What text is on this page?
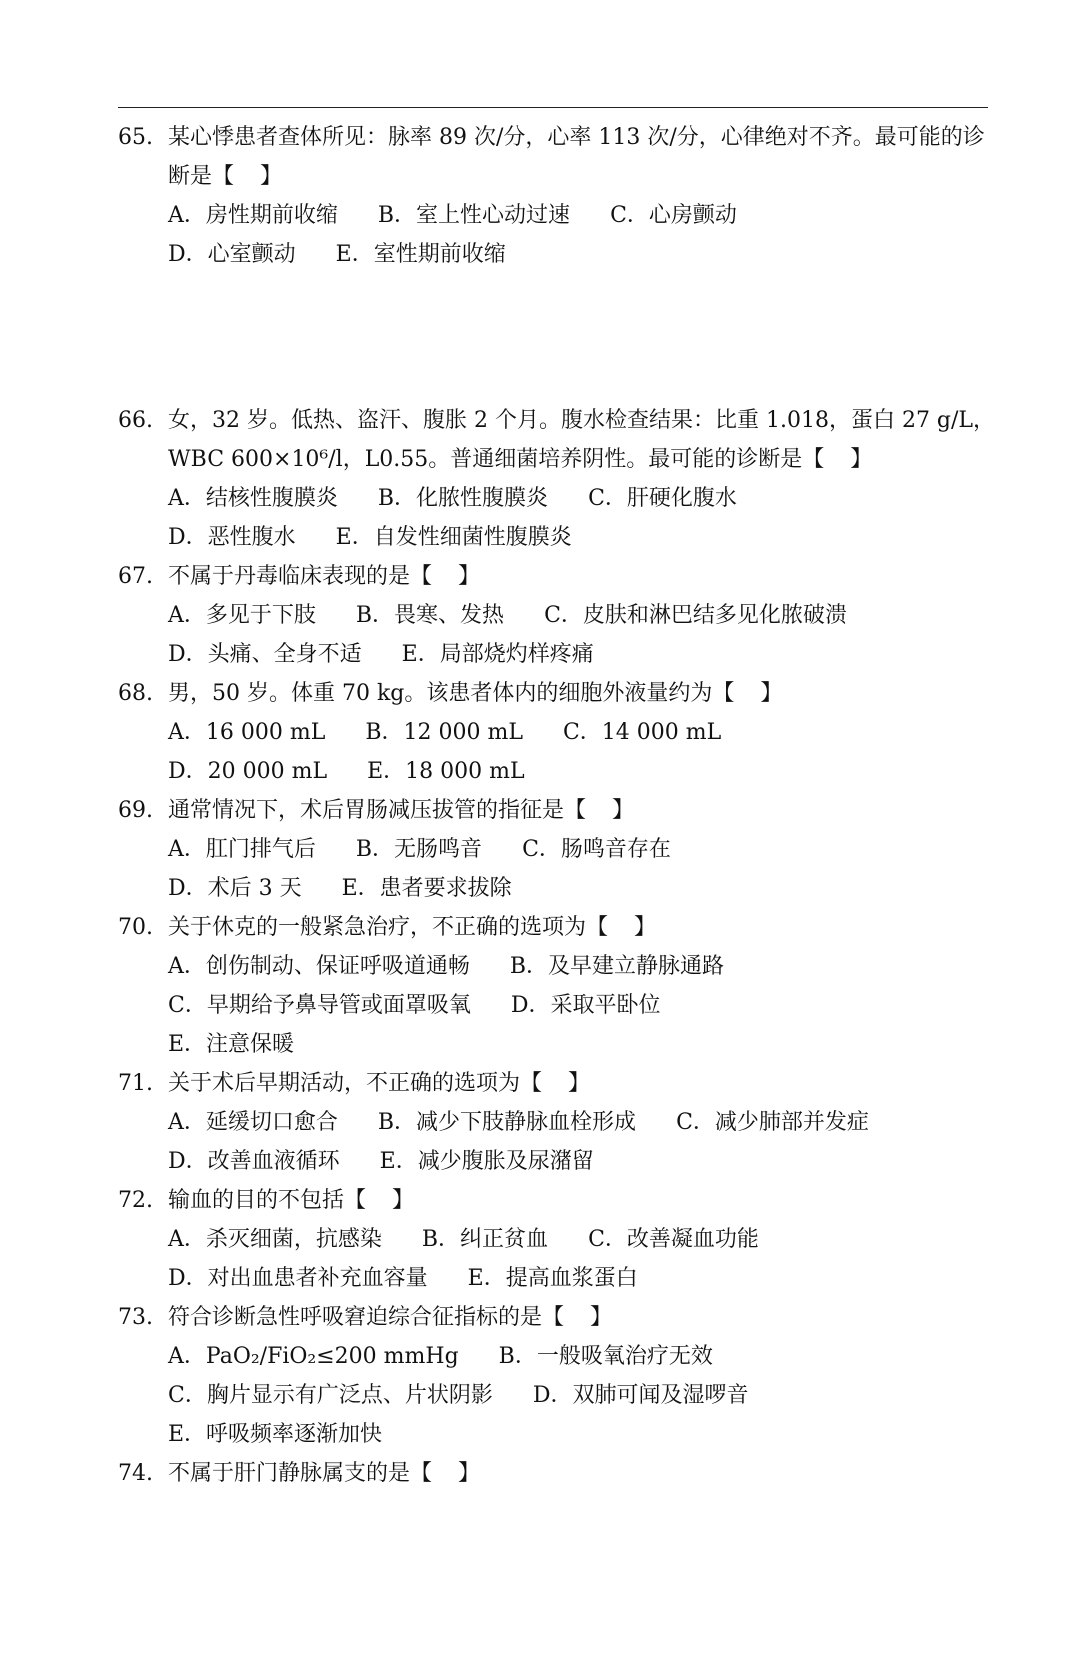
65. 某心悸患者查体所见：脉率 89 次/分，心率 113 次/分，心律绝对不齐。最可能的诊断是【　】
A．房性期前收缩 B．室上性心动过速 C．心房颤动
D．心室颤动 E．室性期前收缩
66. 女，32 岁。低热、盗汗、腹胀 2 个月。腹水检查结果：比重 1.018，蛋白 27 g/L，WBC 600×10⁶/l，L0.55。普通细菌培养阴性。最可能的诊断是【　】
A．结核性腹膜炎 B．化脓性腹膜炎 C．肝硬化腹水
D．恶性腹水 E．自发性细菌性腹膜炎
67. 不属于丹毒临床表现的是【　】
A．多见于下肢 B．畏寒、发热 C．皮肤和淋巴结多见化脓破溃
D．头痛、全身不适 E．局部烧灼样疼痛
68. 男，50 岁。体重 70 kg。该患者体内的细胞外液量约为【　】
A．16 000 mL B．12 000 mL C．14 000 mL
D．20 000 mL E．18 000 mL
69. 通常情况下，术后胃肠减压拔管的指征是【　】
A．肛门排气后 B．无肠鸣音 C．肠鸣音存在
D．术后 3 天 E．患者要求拔除
70. 关于休克的一般紧急治疗，不正确的选项为【　】
A．创伤制动、保证呼吸道通畅 B．及早建立静脉通路
C．早期给予鼻导管或面罩吸氧 D．采取平卧位
E．注意保暖
71. 关于术后早期活动，不正确的选项为【　】
A．延缓切口愈合 B．减少下肢静脉血栓形成 C．减少肺部并发症
D．改善血液循环 E．减少腹胀及尿潴留
72. 输血的目的不包括【　】
A．杀灭细菌，抗感染 B．纠正贫血 C．改善凝血功能
D．对出血患者补充血容量 E．提高血浆蛋白
73. 符合诊断急性呼吸窘迫综合征指标的是【　】
A．PaO₂/FiO₂≤200 mmHg B．一般吸氧治疗无效
C．胸片显示有广泛点、片状阴影 D．双肺可闻及湿啰音
E．呼吸频率逐渐加快
74. 不属于肝门静脉属支的是【　】
